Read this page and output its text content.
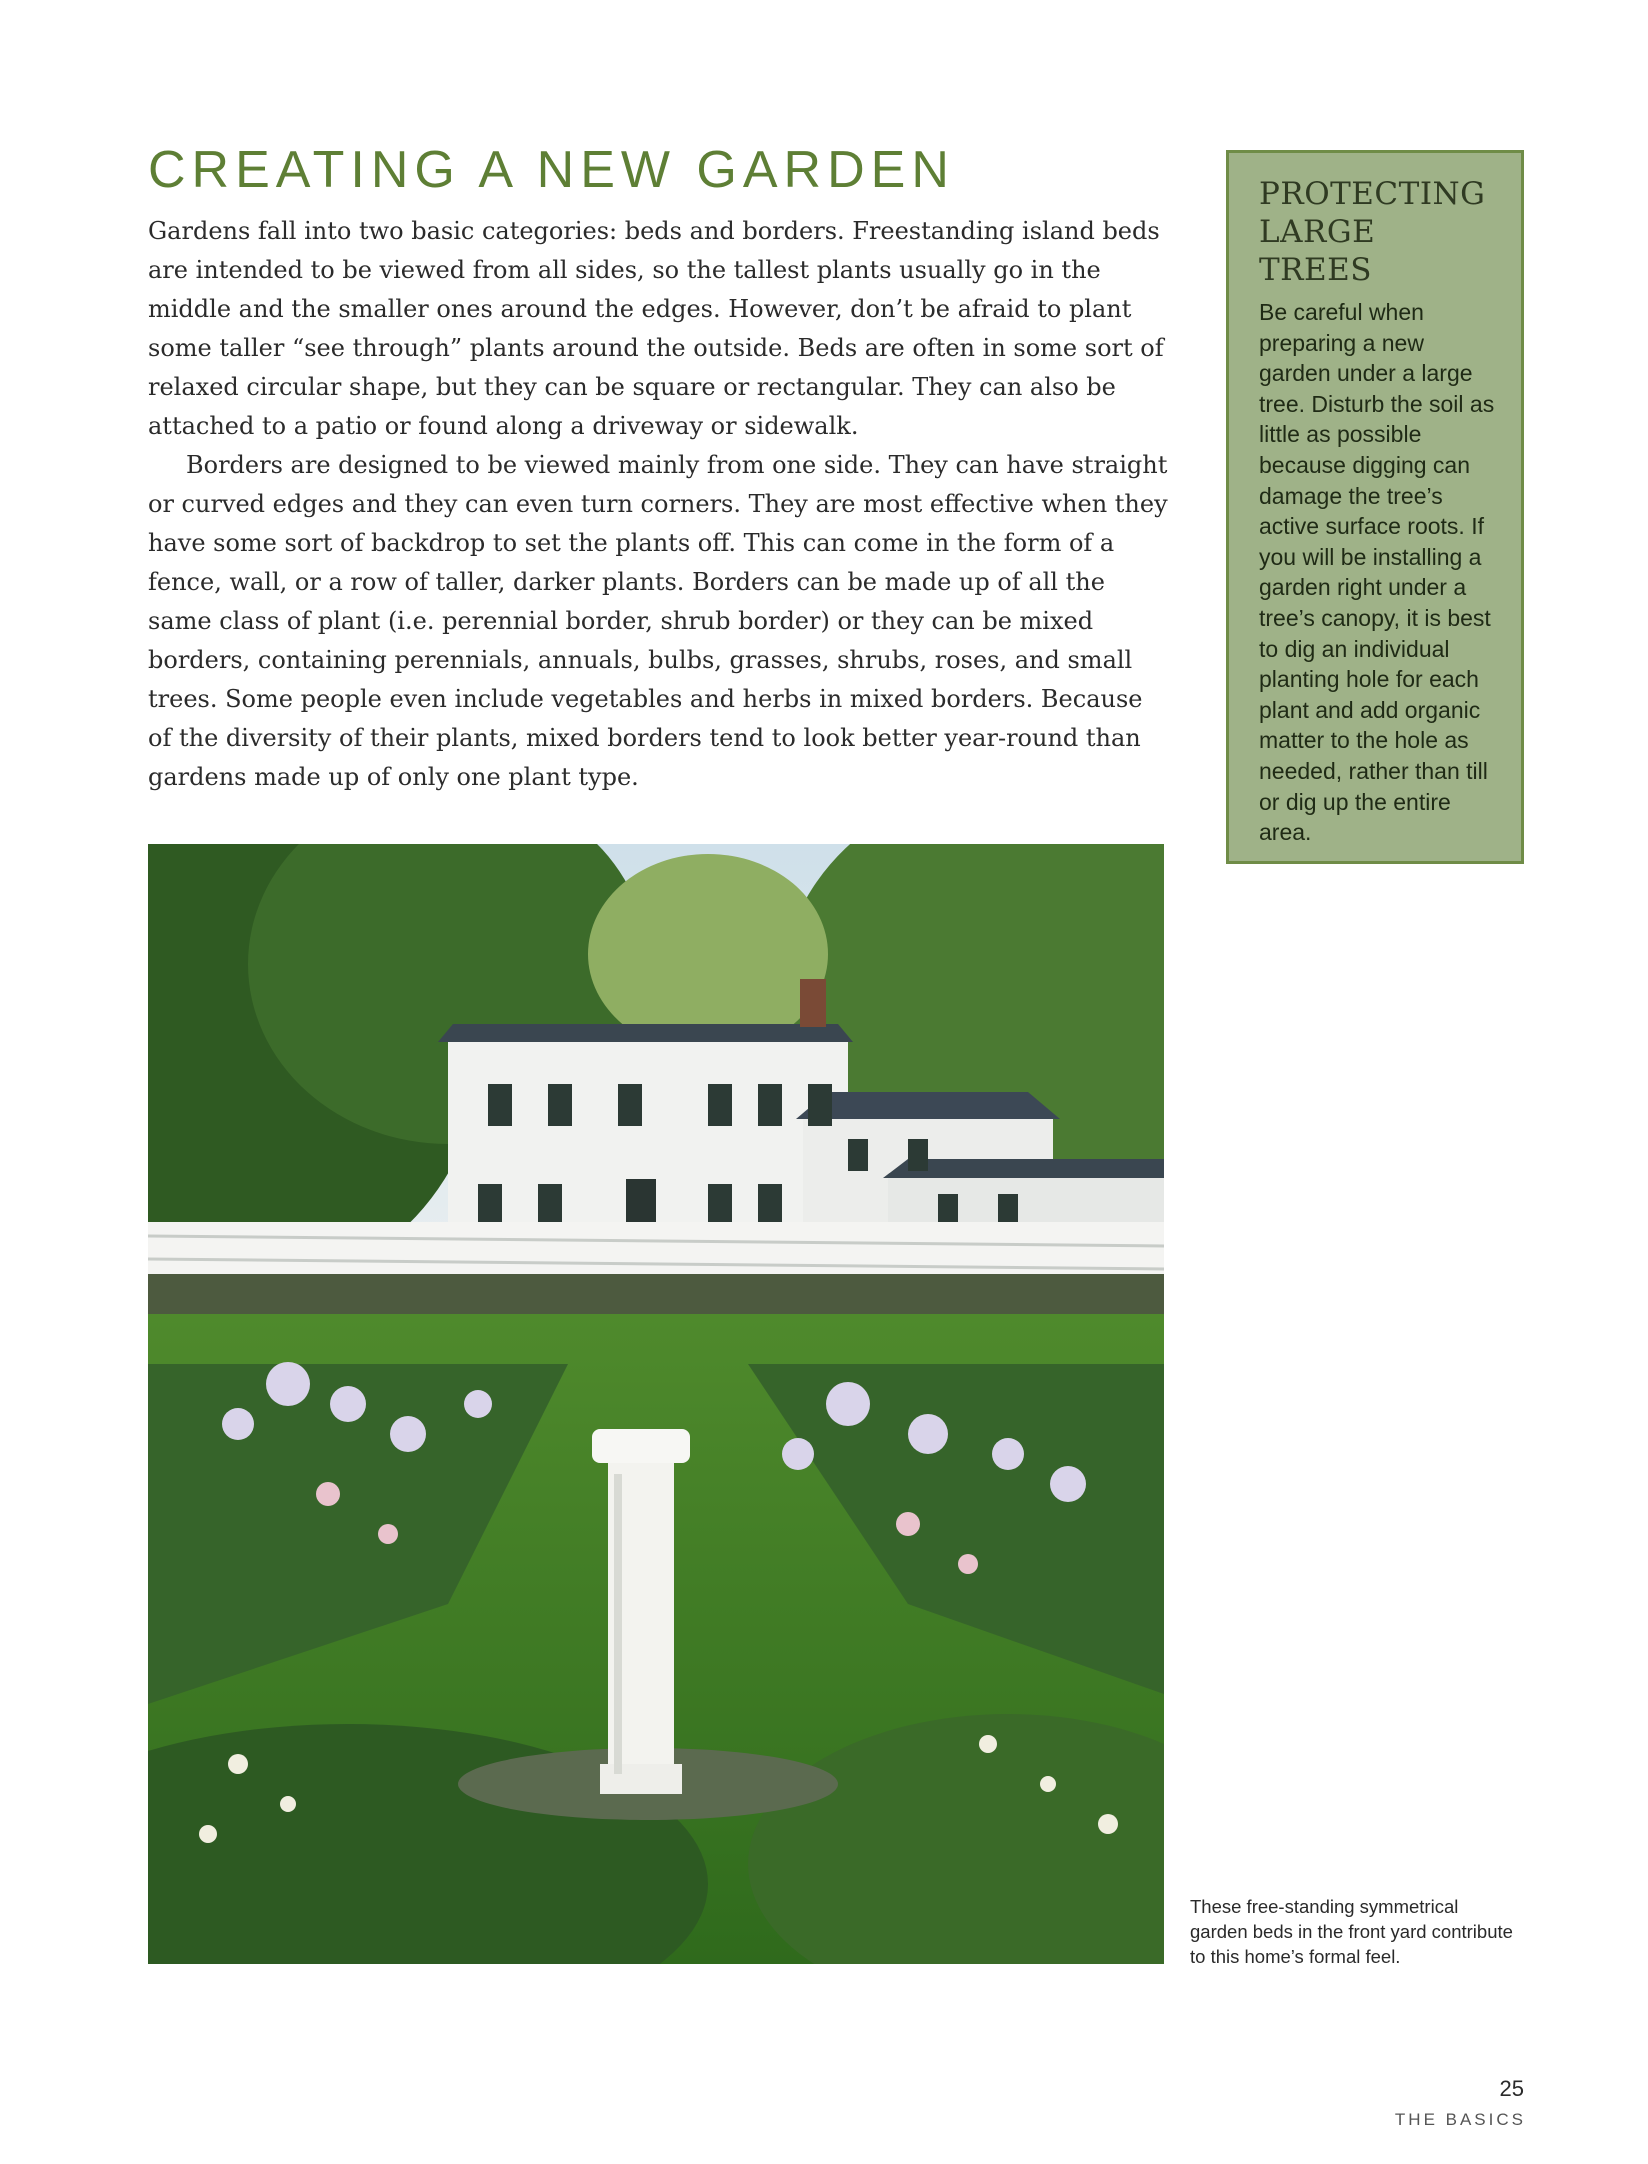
CREATING A NEW GARDEN

Gardens fall into two basic categories: beds and borders. Freestanding island beds are intended to be viewed from all sides, so the tallest plants usually go in the middle and the smaller ones around the edges. However, don’t be afraid to plant some taller “see through” plants around the outside. Beds are often in some sort of relaxed circular shape, but they can be square or rectangular. They can also be attached to a patio or found along a driveway or sidewalk.

Borders are designed to be viewed mainly from one side. They can have straight or curved edges and they can even turn corners. They are most effective when they have some sort of backdrop to set the plants off. This can come in the form of a fence, wall, or a row of taller, darker plants. Borders can be made up of all the same class of plant (i.e. perennial border, shrub border) or they can be mixed borders, containing perennials, annuals, bulbs, grasses, shrubs, roses, and small trees. Some people even include vegetables and herbs in mixed borders. Because of the diversity of their plants, mixed borders tend to look better year-round than gardens made up of only one plant type.

PROTECTING LARGE TREES
Be careful when preparing a new garden under a large tree. Disturb the soil as little as possible because digging can damage the tree’s active surface roots. If you will be installing a garden right under a tree’s canopy, it is best to dig an individual planting hole for each plant and add organic matter to the hole as needed, rather than till or dig up the entire area.
These free-standing symmetrical garden beds in the front yard contribute to this home’s formal feel.
25
THE BASICS
